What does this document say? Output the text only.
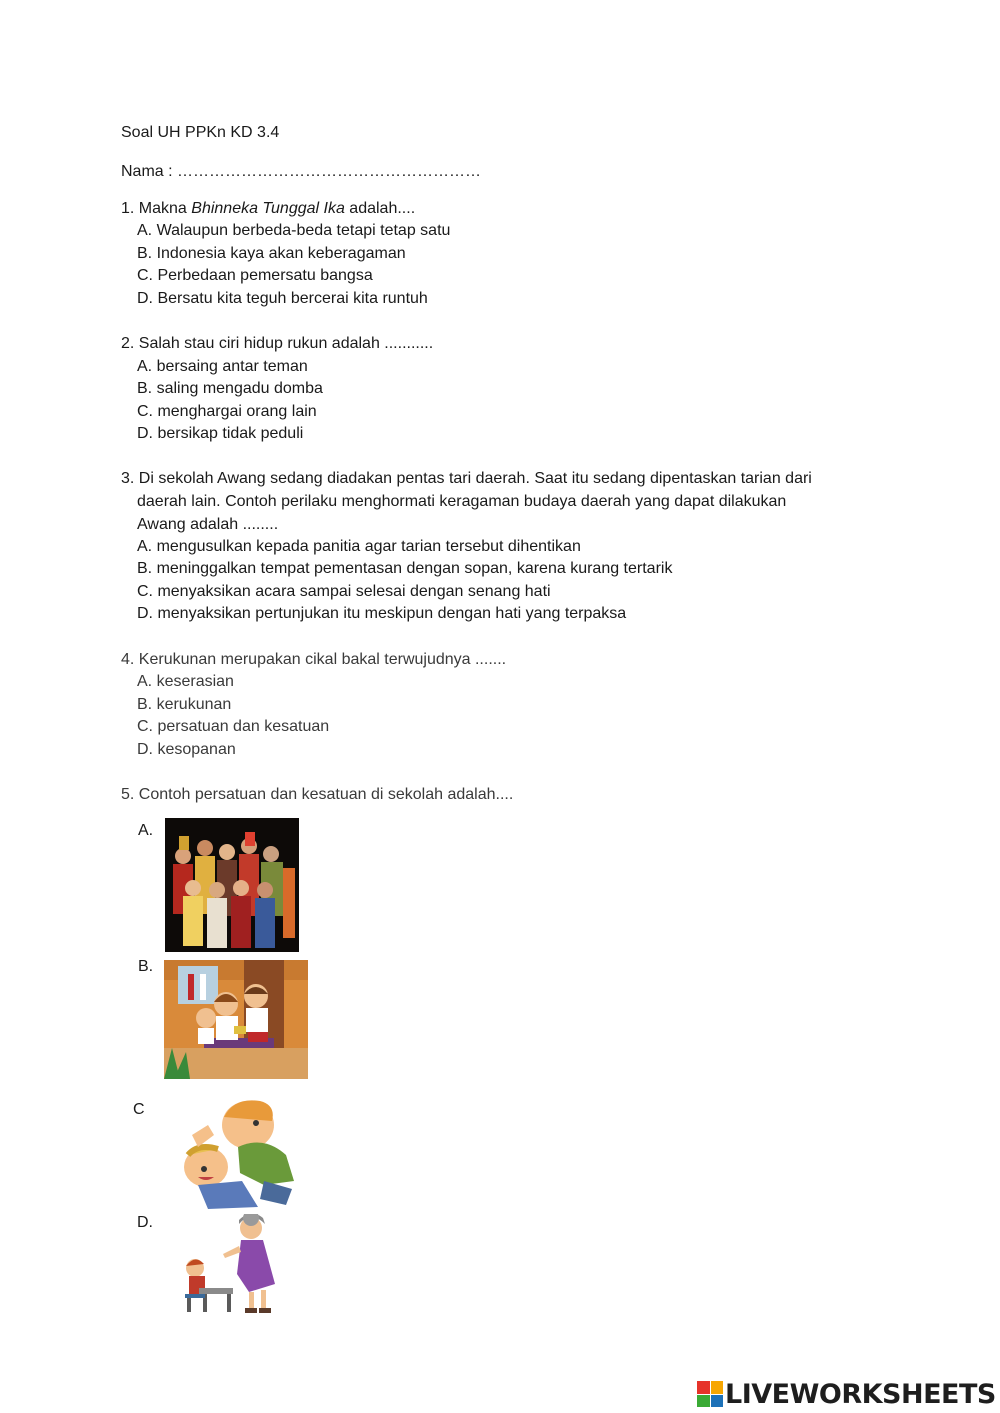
Soal UH PPKn KD 3.4
Nama : …………………………………………………
1. Makna Bhinneka Tunggal Ika adalah....
A. Walaupun berbeda-beda tetapi tetap satu
B. Indonesia kaya akan keberagaman
C. Perbedaan pemersatu bangsa
D. Bersatu kita teguh bercerai kita runtuh
2. Salah stau ciri hidup rukun adalah ...........
A. bersaing antar teman
B. saling mengadu domba
C. menghargai orang lain
D. bersikap tidak peduli
3. Di sekolah Awang sedang diadakan pentas tari daerah. Saat itu sedang dipentaskan tarian dari
daerah lain. Contoh perilaku menghormati keragaman budaya daerah yang dapat dilakukan
Awang adalah ........
A. mengusulkan kepada panitia agar tarian tersebut dihentikan
B. meninggalkan tempat pementasan dengan sopan, karena kurang tertarik
C. menyaksikan acara sampai selesai dengan senang hati
D. menyaksikan pertunjukan itu meskipun dengan hati yang terpaksa
4. Kerukunan merupakan cikal bakal terwujudnya .......
A. keserasian
B. kerukunan
C. persatuan dan kesatuan
D. kesopanan
5. Contoh persatuan dan kesatuan di sekolah adalah....
A.
B.
C
D.
LIVEWORKSHEETS
